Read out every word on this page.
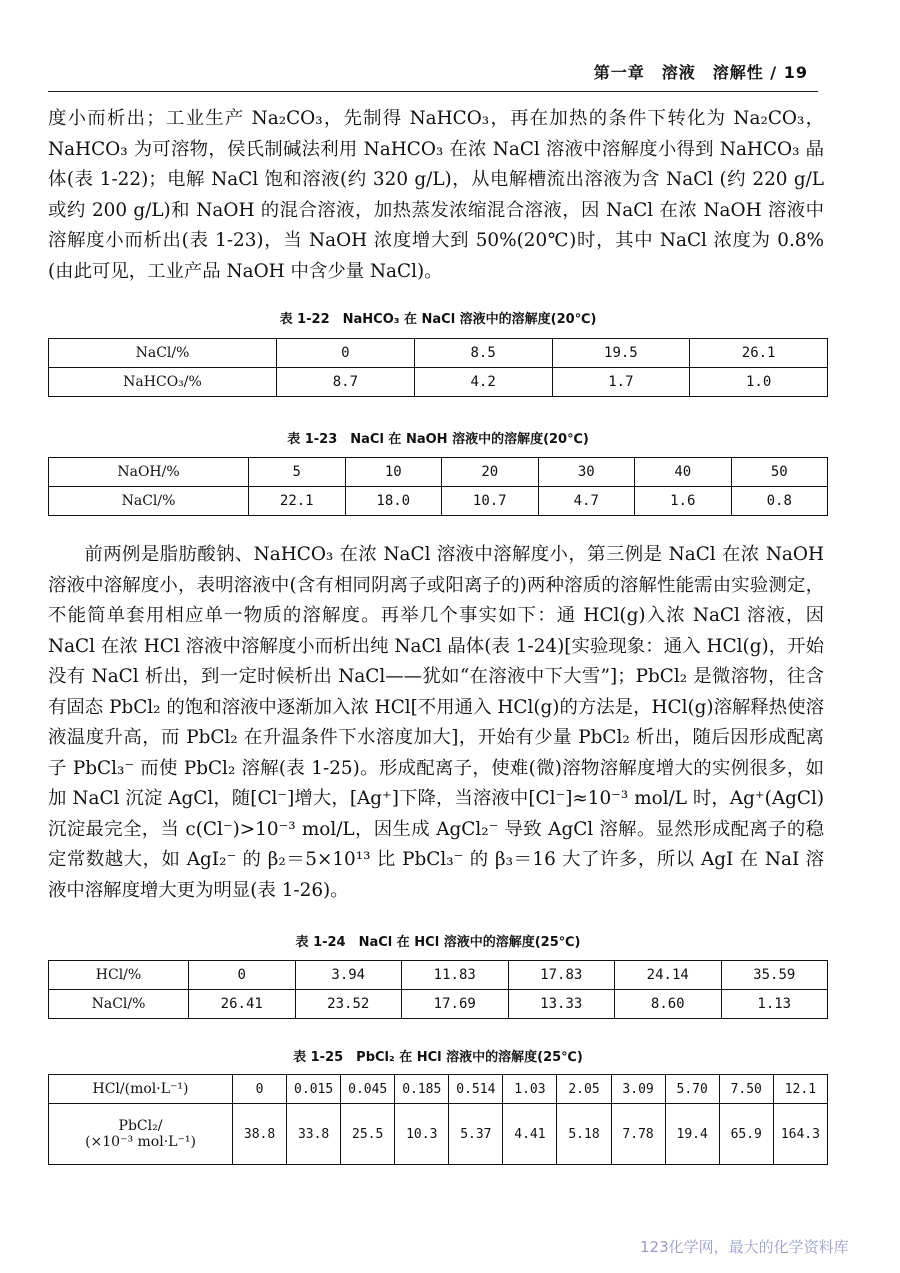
第一章　溶液　溶解性 / 19

度小而析出；工业生产 Na₂CO₃，先制得 NaHCO₃，再在加热的条件下转化为 Na₂CO₃，NaHCO₃ 为可溶物，侯氏制碱法利用 NaHCO₃ 在浓 NaCl 溶液中溶解度小得到 NaHCO₃ 晶体(表 1-22)；电解 NaCl 饱和溶液(约 320 g/L)，从电解槽流出溶液为含 NaCl (约 220 g/L 或约 200 g/L)和 NaOH 的混合溶液，加热蒸发浓缩混合溶液，因 NaCl 在浓 NaOH 溶液中溶解度小而析出(表 1-23)，当 NaOH 浓度增大到 50%(20℃)时，其中 NaCl 浓度为 0.8%(由此可见，工业产品 NaOH 中含少量 NaCl)。

表 1-22　NaHCO₃ 在 NaCl 溶液中的溶解度(20℃)
NaCl/%	0	8.5	19.5	26.1
NaHCO₃/%	8.7	4.2	1.7	1.0
表 1-23　NaCl 在 NaOH 溶液中的溶解度(20℃)
NaOH/%	5	10	20	30	40	50
NaCl/%	22.1	18.0	10.7	4.7	1.6	0.8

前两例是脂肪酸钠、NaHCO₃ 在浓 NaCl 溶液中溶解度小，第三例是 NaCl 在浓 NaOH 溶液中溶解度小，表明溶液中(含有相同阴离子或阳离子的)两种溶质的溶解性能需由实验测定，不能简单套用相应单一物质的溶解度。再举几个事实如下：通 HCl(g)入浓 NaCl 溶液，因 NaCl 在浓 HCl 溶液中溶解度小而析出纯 NaCl 晶体(表 1-24)[实验现象：通入 HCl(g)，开始没有 NaCl 析出，到一定时候析出 NaCl——犹如“在溶液中下大雪”]；PbCl₂ 是微溶物，往含有固态 PbCl₂ 的饱和溶液中逐渐加入浓 HCl[不用通入 HCl(g)的方法是，HCl(g)溶解释热使溶液温度升高，而 PbCl₂ 在升温条件下水溶度加大]，开始有少量 PbCl₂ 析出，随后因形成配离子 PbCl₃⁻ 而使 PbCl₂ 溶解(表 1-25)。形成配离子，使难(微)溶物溶解度增大的实例很多，如加 NaCl 沉淀 AgCl，随[Cl⁻]增大，[Ag⁺]下降，当溶液中[Cl⁻]≈10⁻³ mol/L 时，Ag⁺(AgCl)沉淀最完全，当 c(Cl⁻)>10⁻³ mol/L，因生成 AgCl₂⁻ 导致 AgCl 溶解。显然形成配离子的稳定常数越大，如 AgI₂⁻ 的 β₂＝5×10¹³ 比 PbCl₃⁻ 的 β₃＝16 大了许多，所以 AgI 在 NaI 溶液中溶解度增大更为明显(表 1-26)。

表 1-24　NaCl 在 HCl 溶液中的溶解度(25℃)
HCl/%	0	3.94	11.83	17.83	24.14	35.59
NaCl/%	26.41	23.52	17.69	13.33	8.60	1.13
表 1-25　PbCl₂ 在 HCl 溶液中的溶解度(25℃)
HCl/(mol·L⁻¹)	0	0.015	0.045	0.185	0.514	1.03	2.05	3.09	5.70	7.50	12.1

PbCl₂/
(×10⁻³ mol·L⁻¹)	38.8	33.8	25.5	10.3	5.37	4.41	5.18	7.78	19.4	65.9	164.3
123化学网，最大的化学资料库
